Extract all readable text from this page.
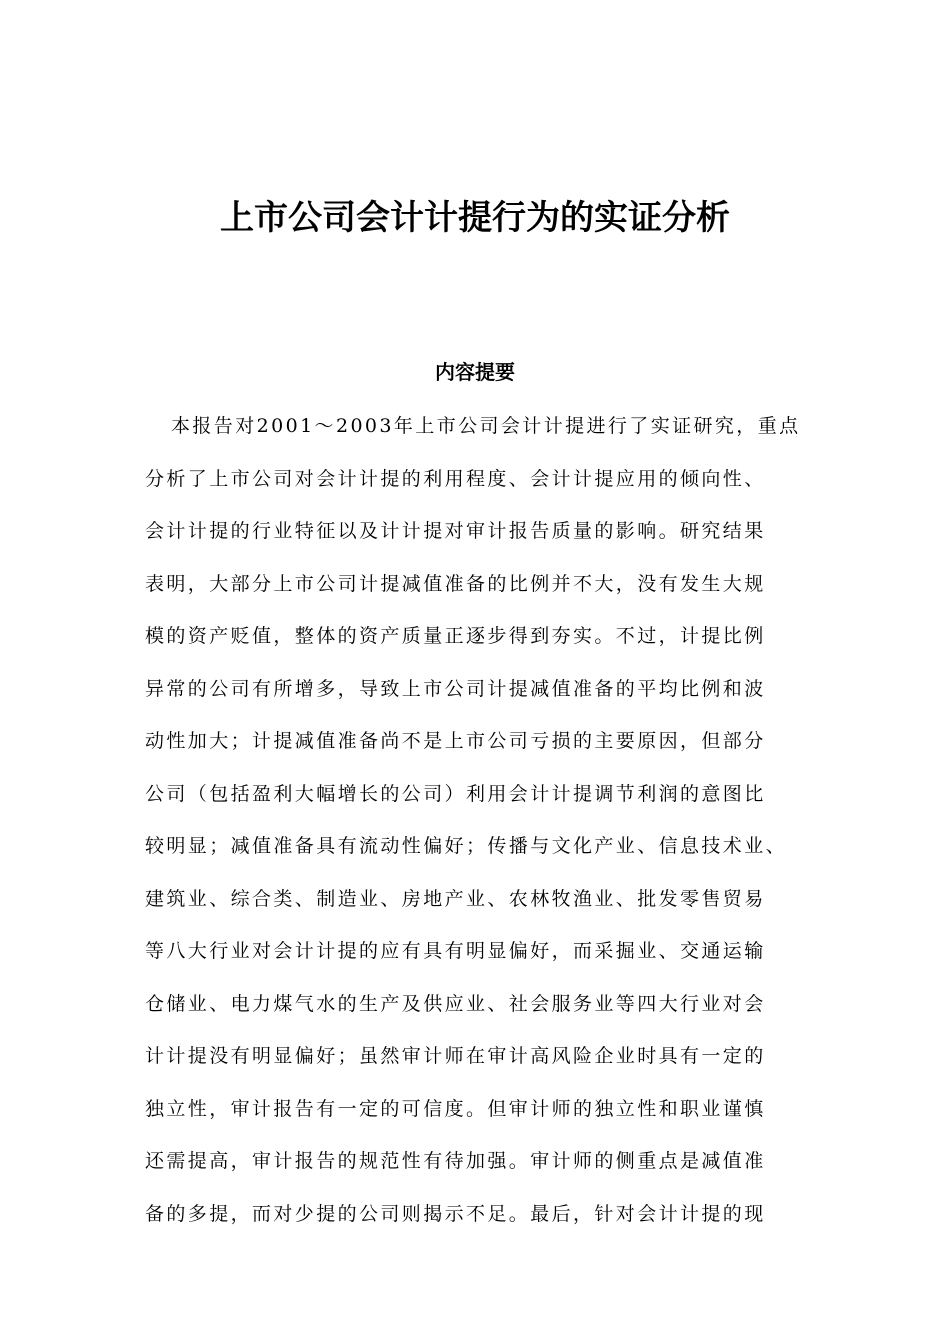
上市公司会计计提行为的实证分析
内容提要
本报告对2001～2003年上市公司会计计提进行了实证研究，重点
分析了上市公司对会计计提的利用程度、会计计提应用的倾向性、
会计计提的行业特征以及计计提对审计报告质量的影响。研究结果
表明，大部分上市公司计提减值准备的比例并不大，没有发生大规
模的资产贬值，整体的资产质量正逐步得到夯实。不过，计提比例
异常的公司有所增多，导致上市公司计提减值准备的平均比例和波
动性加大；计提减值准备尚不是上市公司亏损的主要原因，但部分
公司（包括盈利大幅增长的公司）利用会计计提调节利润的意图比
较明显；减值准备具有流动性偏好；传播与文化产业、信息技术业、
建筑业、综合类、制造业、房地产业、农林牧渔业、批发零售贸易
等八大行业对会计计提的应有具有明显偏好，而采掘业、交通运输
仓储业、电力煤气水的生产及供应业、社会服务业等四大行业对会
计计提没有明显偏好；虽然审计师在审计高风险企业时具有一定的
独立性，审计报告有一定的可信度。但审计师的独立性和职业谨慎
还需提高，审计报告的规范性有待加强。审计师的侧重点是减值准
备的多提，而对少提的公司则揭示不足。最后，针对会计计提的现
